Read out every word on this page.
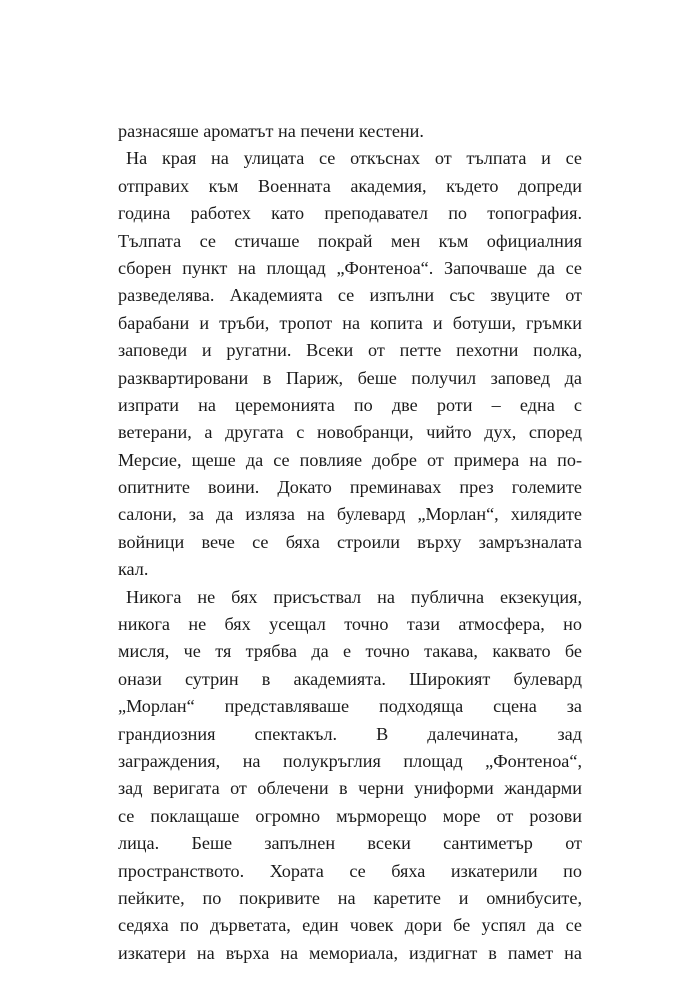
разнасяше ароматът на печени кестени.
На края на улицата се откъснах от тълпата и се
отправих към Военната академия, където допреди
година работех като преподавател по топография.
Тълпата се стичаше покрай мен към официалния
сборен пункт на площад „Фонтеноа“. Започваше да се
разведелява. Академията се изпълни със звуците от
барабани и тръби, тропот на копита и ботуши, гръмки
заповеди и ругатни. Всеки от петте пехотни полка,
разквартировани в Париж, беше получил заповед да
изпрати на церемонията по две роти – една с
ветерани, а другата с новобранци, чийто дух, според
Мерсие, щеше да се повлияе добре от примера на по-
опитните воини. Докато преминавах през големите
салони, за да изляза на булевард „Морлан“, хилядите
войници вече се бяха строили върху замръзналата
кал.
Никога не бях присъствал на публична екзекуция,
никога не бях усещал точно тази атмосфера, но
мисля, че тя трябва да е точно такава, каквато бе
онази сутрин в академията. Широкият булевард
„Морлан“ представляваше подходяща сцена за
грандиозния спектакъл. В далечината, зад
заграждения, на полукръглия площад „Фонтеноа“,
зад веригата от облечени в черни униформи жандарми
се поклащаше огромно мърморещо море от розови
лица. Беше запълнен всеки сантиметър от
пространството. Хората се бяха изкатерили по
пейките, по покривите на каретите и омнибусите,
седяха по дърветата, един човек дори бе успял да се
изкатери на върха на мемориала, издигнат в памет на
